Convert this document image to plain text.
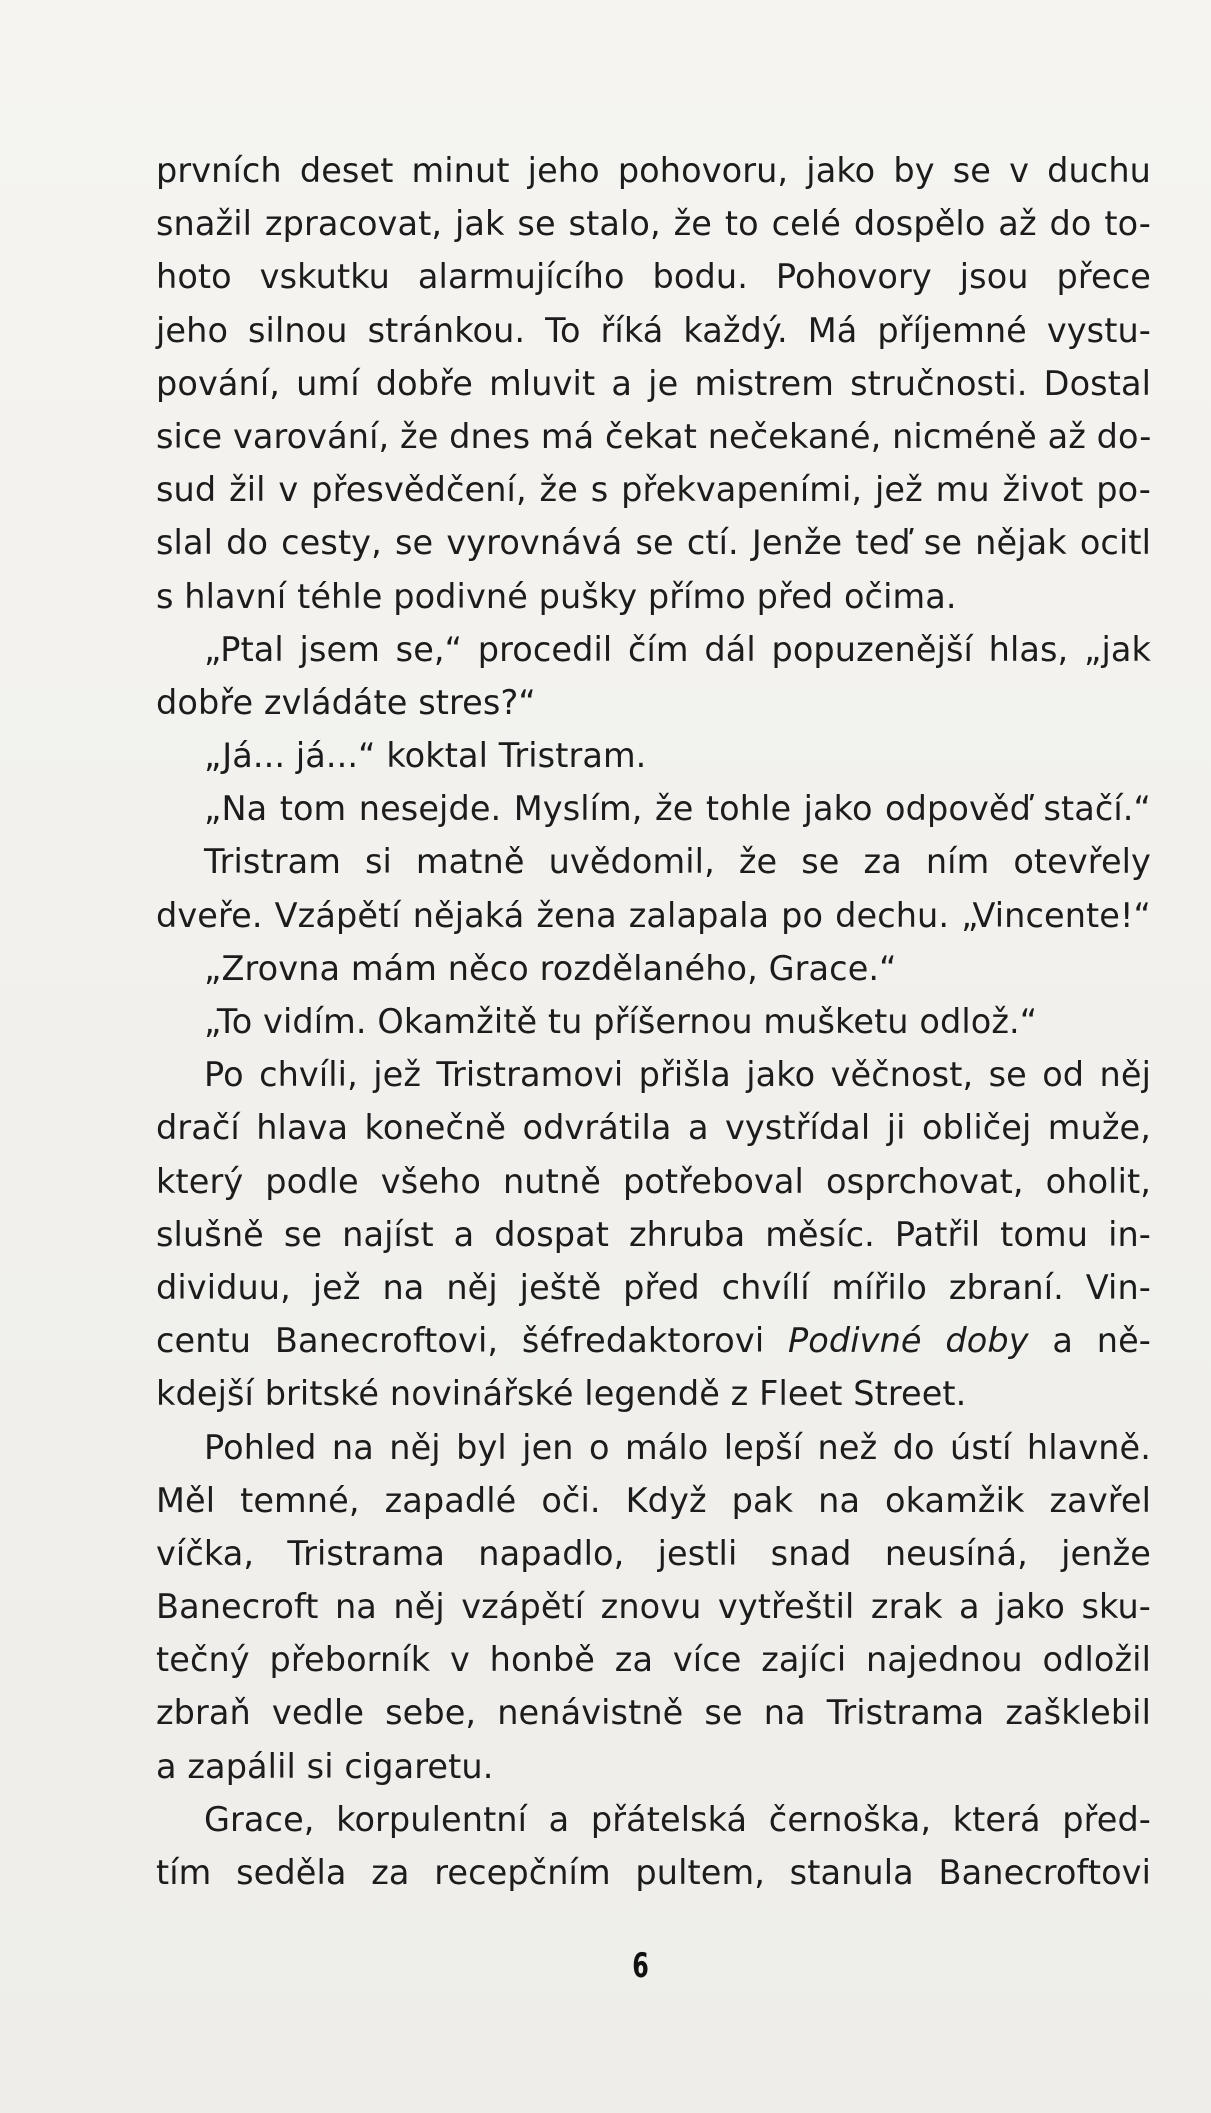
prvních deset minut jeho pohovoru, jako by se v duchu
snažil zpracovat, jak se stalo, že to celé dospělo až do to-
hoto vskutku alarmujícího bodu. Pohovory jsou přece
jeho silnou stránkou. To říká každý. Má příjemné vystu-
pování, umí dobře mluvit a je mistrem stručnosti. Dostal
sice varování, že dnes má čekat nečekané, nicméně až do-
sud žil v přesvědčení, že s překvapeními, jež mu život po-
slal do cesty, se vyrovnává se ctí. Jenže teď se nějak ocitl
s hlavní téhle podivné pušky přímo před očima.
„Ptal jsem se,“ procedil čím dál popuzenější hlas, „jak
dobře zvládáte stres?“
„Já... já...“ koktal Tristram.
„Na tom nesejde. Myslím, že tohle jako odpověď stačí.“
Tristram si matně uvědomil, že se za ním otevřely
dveře. Vzápětí nějaká žena zalapala po dechu. „Vincente!“
„Zrovna mám něco rozdělaného, Grace.“
„To vidím. Okamžitě tu příšernou mušketu odlož.“
Po chvíli, jež Tristramovi přišla jako věčnost, se od něj
dračí hlava konečně odvrátila a vystřídal ji obličej muže,
který podle všeho nutně potřeboval osprchovat, oholit,
slušně se najíst a dospat zhruba měsíc. Patřil tomu in-
dividuu, jež na něj ještě před chvílí mířilo zbraní. Vin-
centu Banecroftovi, šéfredaktorovi Podivné doby a ně-
kdejší britské novinářské legendě z Fleet Street.
Pohled na něj byl jen o málo lepší než do ústí hlavně.
Měl temné, zapadlé oči. Když pak na okamžik zavřel
víčka, Tristrama napadlo, jestli snad neusíná, jenže
Banecroft na něj vzápětí znovu vytřeštil zrak a jako sku-
tečný přeborník v honbě za více zajíci najednou odložil
zbraň vedle sebe, nenávistně se na Tristrama zašklebil
a zapálil si cigaretu.
Grace, korpulentní a přátelská černoška, která před-
tím seděla za recepčním pultem, stanula Banecroftovi
6
